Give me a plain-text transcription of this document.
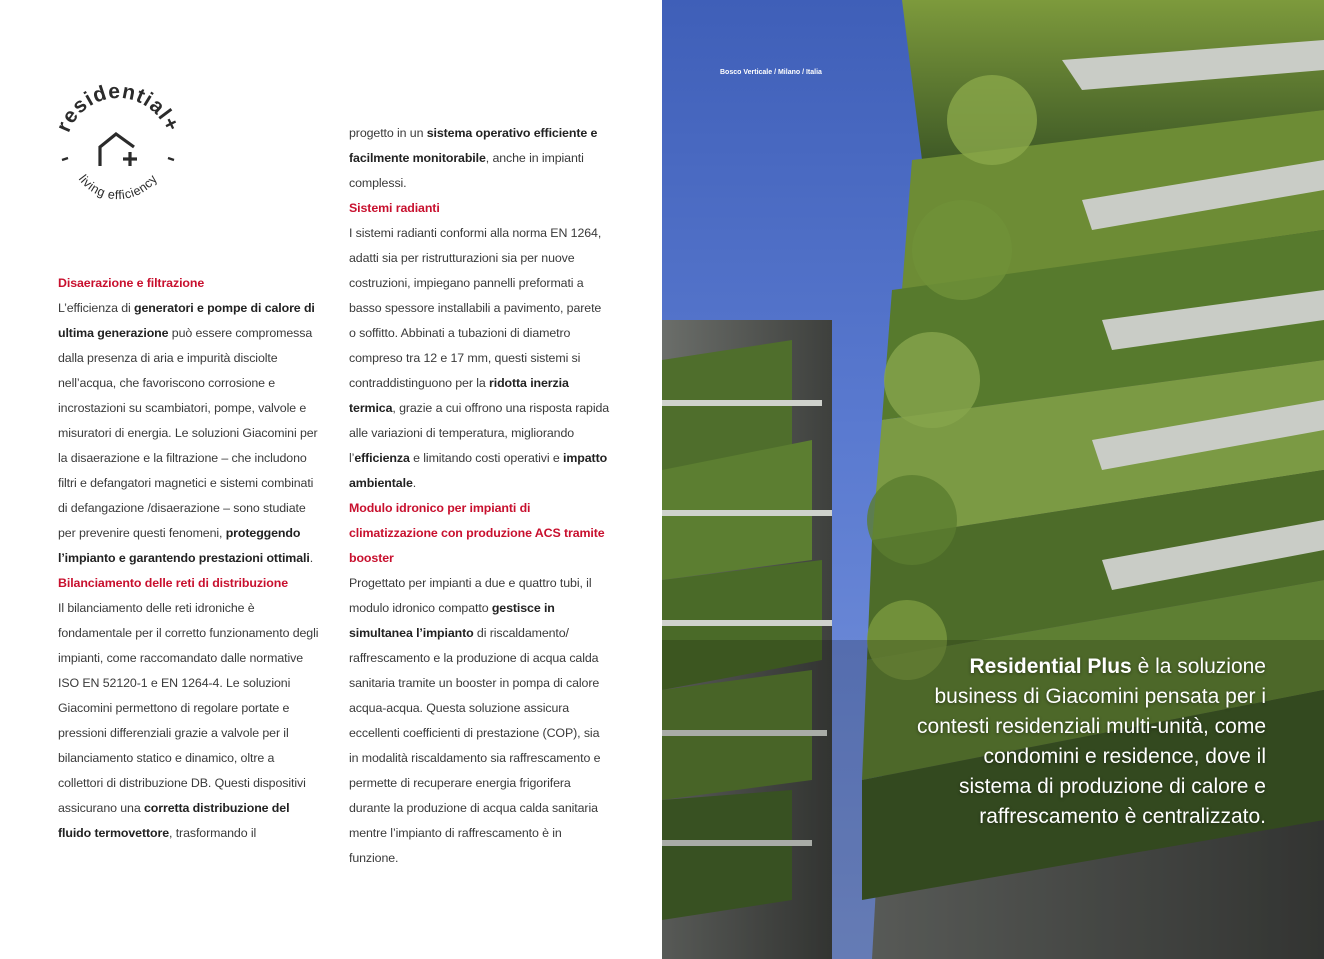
residential+
living efficiency

Disaerazione e filtrazione

L’efficienza di generatori e pompe di calore di ultima generazione può essere compromessa dalla presenza di aria e impurità disciolte nell’acqua, che favoriscono corrosione e incrostazioni su scambiatori, pompe, valvole e misuratori di energia. Le soluzioni Giacomini per la disaerazione e la filtrazione – che includono filtri e defangatori magnetici e sistemi combinati di defangazione /disaerazione – sono studiate per prevenire questi fenomeni, proteggendo l’impianto e garantendo prestazioni ottimali.

Bilanciamento delle reti di distribuzione

Il bilanciamento delle reti idroniche è fondamentale per il corretto funzionamento degli impianti, come raccomandato dalle normative ISO EN 52120-1 e EN 1264-4. Le soluzioni Giacomini permettono di regolare portate e pressioni differenziali grazie a valvole per il bilanciamento statico e dinamico, oltre a collettori di distribuzione DB. Questi dispositivi assicurano una corretta distribuzione del fluido termovettore, trasformando il

progetto in un sistema operativo efficiente e facilmente monitorabile, anche in impianti complessi.

Sistemi radianti

I sistemi radianti conformi alla norma EN 1264, adatti sia per ristrutturazioni sia per nuove costruzioni, impiegano pannelli preformati a basso spessore installabili a pavimento, parete o soffitto. Abbinati a tubazioni di diametro compreso tra 12 e 17 mm, questi sistemi si contraddistinguono per la ridotta inerzia termica, grazie a cui offrono una risposta rapida alle variazioni di temperatura, migliorando l’efficienza e limitando costi operativi e impatto ambientale.

Modulo idronico per impianti di climatizzazione con produzione ACS tramite booster

Progettato per impianti a due e quattro tubi, il modulo idronico compatto gestisce in simultanea l’impianto di riscaldamento/ raffrescamento e la produzione di acqua calda sanitaria tramite un booster in pompa di calore acqua-acqua. Questa soluzione assicura eccellenti coefficienti di prestazione (COP), sia in modalità riscaldamento sia raffrescamento e permette di recuperare energia frigorifera durante la produzione di acqua calda sanitaria mentre l’impianto di raffrescamento è in funzione.

Bosco Verticale / Milano / Italia
Residential Plus è la soluzione business di Giacomini pensata per i contesti residenziali multi-unità, come condomini e residence, dove il sistema di produzione di calore e raffrescamento è centralizzato.
